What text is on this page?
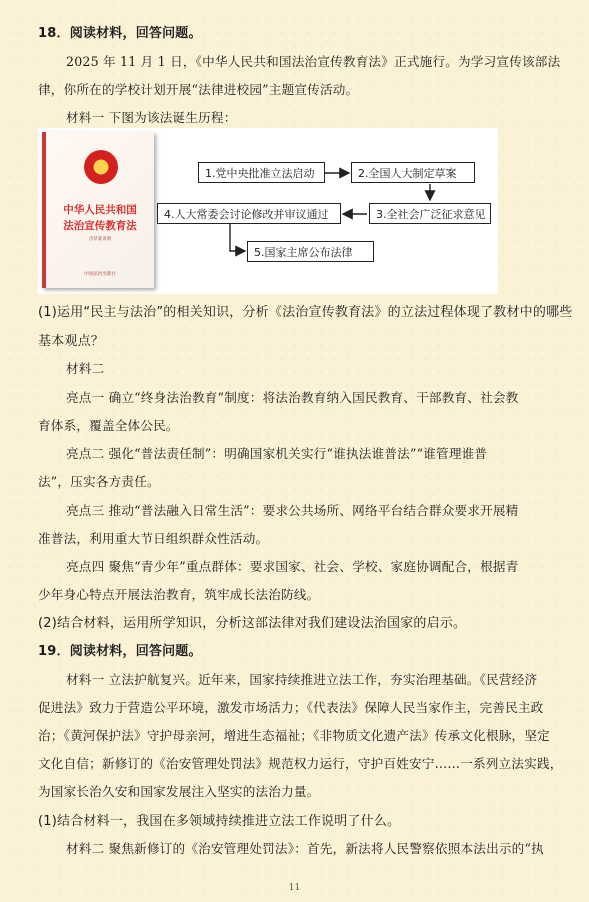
18．阅读材料，回答问题。
2025 年 11 月 1 日，《中华人民共和国法治宣传教育法》正式施行。为学习宣传该部法
律，你所在的学校计划开展“法律进校园”主题宣传活动。
材料一 下图为该法诞生历程：
中华人民共和国
法治宣传教育法
含草案说明
中国法治出版社
1.党中央批准立法启动	2.全国人大制定草案
3.全社会广泛征求意见
4.人大常委会讨论修改并审议通过
5.国家主席公布法律
(1)运用“民主与法治”的相关知识，分析《法治宣传教育法》的立法过程体现了教材中的哪些
基本观点？
材料二
亮点一 确立“终身法治教育”制度：将法治教育纳入国民教育、干部教育、社会教
育体系，覆盖全体公民。
亮点二 强化“普法责任制”：明确国家机关实行“谁执法谁普法”“谁管理谁普
法”，压实各方责任。
亮点三 推动“普法融入日常生活”：要求公共场所、网络平台结合群众要求开展精
准普法，利用重大节日组织群众性活动。
亮点四 聚焦“青少年”重点群体：要求国家、社会、学校、家庭协调配合，根据青
少年身心特点开展法治教育，筑牢成长法治防线。
(2)结合材料，运用所学知识，分析这部法律对我们建设法治国家的启示。
19．阅读材料，回答问题。
材料一 立法护航复兴。近年来，国家持续推进立法工作，夯实治理基础。《民营经济
促进法》致力于营造公平环境，激发市场活力；《代表法》保障人民当家作主，完善民主政
治；《黄河保护法》守护母亲河，增进生态福祉；《非物质文化遗产法》传承文化根脉，坚定
文化自信；新修订的《治安管理处罚法》规范权力运行，守护百姓安宁……一系列立法实践，
为国家长治久安和国家发展注入坚实的法治力量。
(1)结合材料一，我国在多领域持续推进立法工作说明了什么。
材料二 聚焦新修订的《治安管理处罚法》：首先，新法将人民警察依照本法出示的“执
11
